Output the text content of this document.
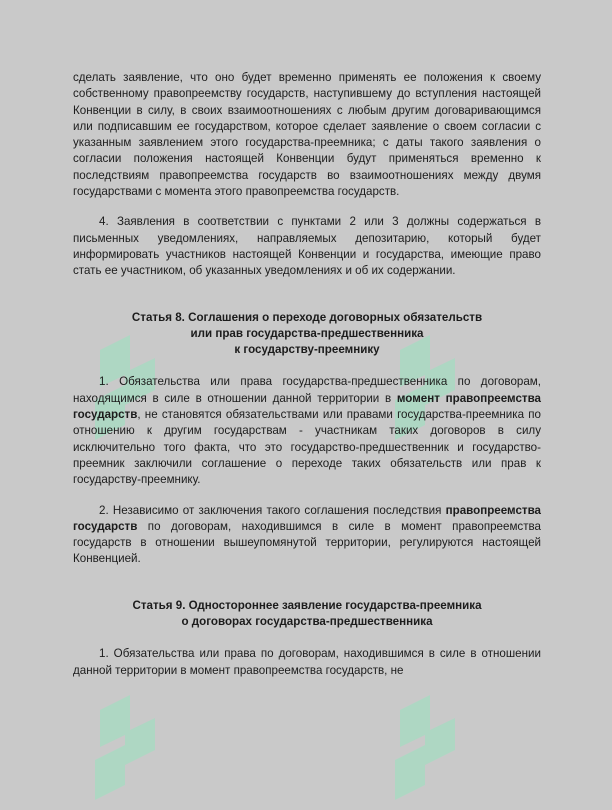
сделать заявление, что оно будет временно применять ее положения к своему собственному правопреемству государств, наступившему до вступления настоящей Конвенции в силу, в своих взаимоотношениях с любым другим договаривающимся или подписавшим ее государством, которое сделает заявление о своем согласии с указанным заявлением этого государства-преемника; с даты такого заявления о согласии положения настоящей Конвенции будут применяться временно к последствиям правопреемства государств во взаимоотношениях между двумя государствами с момента этого правопреемства государств.

4. Заявления в соответствии с пунктами 2 или 3 должны содержаться в письменных уведомлениях, направляемых депозитарию, который будет информировать участников настоящей Конвенции и государства, имеющие право стать ее участником, об указанных уведомлениях и об их содержании.

Статья 8. Соглашения о переходе договорных обязательств
или прав государства-предшественника
к государству-преемнику

1. Обязательства или права государства-предшественника по договорам, находящимся в силе в отношении данной территории в момент правопреемства государств, не становятся обязательствами или правами государства-преемника по отношению к другим государствам - участникам таких договоров в силу исключительно того факта, что это государство-предшественник и государство-преемник заключили соглашение о переходе таких обязательств или прав к государству-преемнику.

2. Независимо от заключения такого соглашения последствия правопреемства государств по договорам, находившимся в силе в момент правопреемства государств в отношении вышеупомянутой территории, регулируются настоящей Конвенцией.

Статья 9. Одностороннее заявление государства-преемника
о договорах государства-предшественника

1. Обязательства или права по договорам, находившимся в силе в отношении данной территории в момент правопреемства государств, не
